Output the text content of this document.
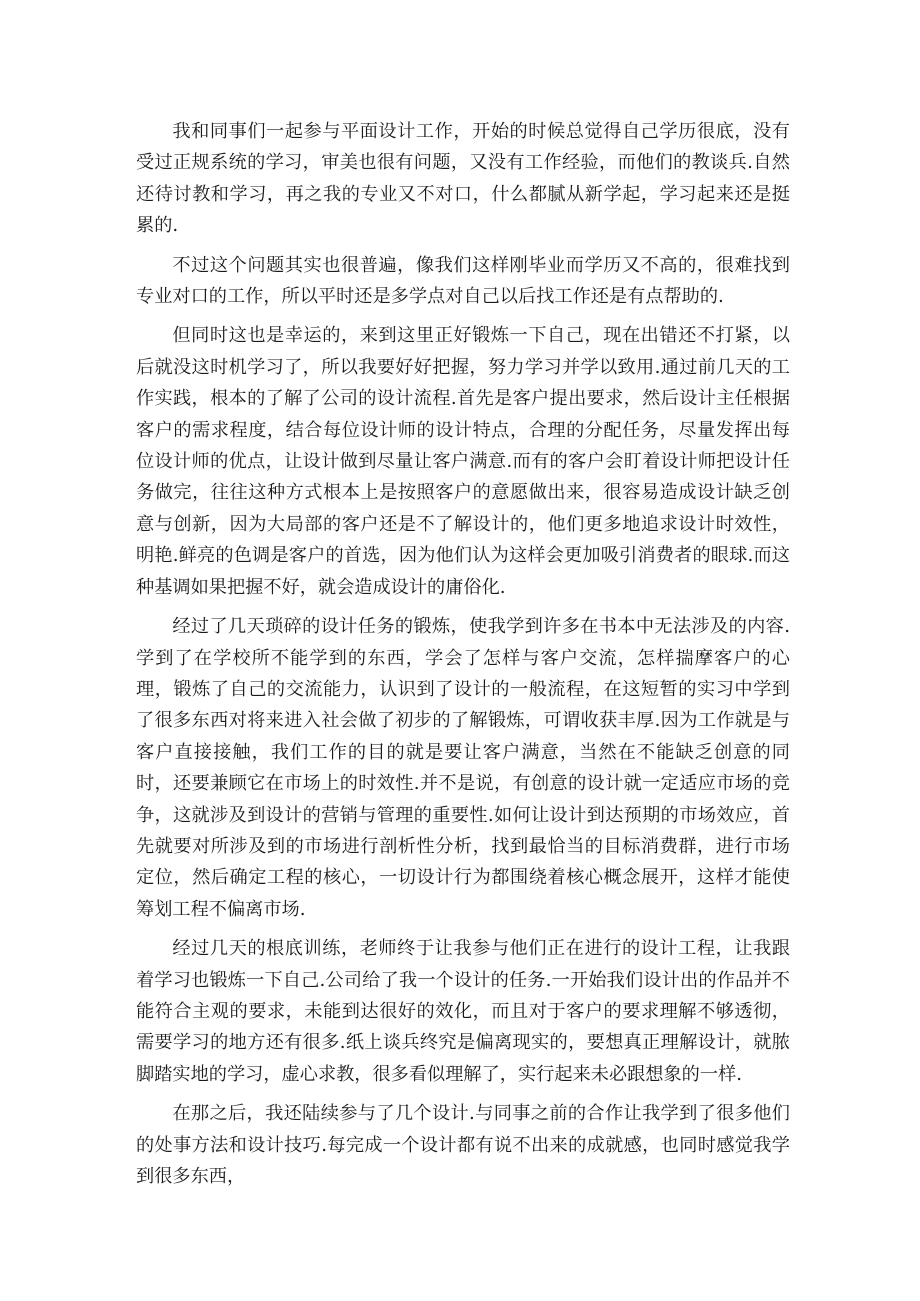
我和同事们一起参与平面设计工作，开始的时候总觉得自己学历很底，没有受过正规系统的学习，审美也很有问题，又没有工作经验，而他们的教谈兵.自然还待讨教和学习，再之我的专业又不对口，什么都腻从新学起，学习起来还是挺累的.

不过这个问题其实也很普遍，像我们这样刚毕业而学历又不高的，很难找到专业对口的工作，所以平时还是多学点对自己以后找工作还是有点帮助的.

但同时这也是幸运的，来到这里正好锻炼一下自己，现在出错还不打紧，以后就没这时机学习了，所以我要好好把握，努力学习并学以致用.通过前几天的工作实践，根本的了解了公司的设计流程.首先是客户提出要求，然后设计主任根据客户的需求程度，结合每位设计师的设计特点，合理的分配任务，尽量发挥出每位设计师的优点，让设计做到尽量让客户满意.而有的客户会盯着设计师把设计任务做完，往往这种方式根本上是按照客户的意愿做出来，很容易造成设计缺乏创意与创新，因为大局部的客户还是不了解设计的，他们更多地追求设计时效性，明艳.鲜亮的色调是客户的首选，因为他们认为这样会更加吸引消费者的眼球.而这种基调如果把握不好，就会造成设计的庸俗化.

经过了几天琐碎的设计任务的锻炼，使我学到许多在书本中无法涉及的内容.学到了在学校所不能学到的东西，学会了怎样与客户交流，怎样揣摩客户的心理，锻炼了自己的交流能力，认识到了设计的一般流程，在这短暂的实习中学到了很多东西对将来进入社会做了初步的了解锻炼，可谓收获丰厚.因为工作就是与客户直接接触，我们工作的目的就是要让客户满意，当然在不能缺乏创意的同时，还要兼顾它在市场上的时效性.并不是说，有创意的设计就一定适应市场的竞争，这就涉及到设计的营销与管理的重要性.如何让设计到达预期的市场效应，首先就要对所涉及到的市场进行剖析性分析，找到最恰当的目标消费群，进行市场定位，然后确定工程的核心，一切设计行为都围绕着核心概念展开，这样才能使筹划工程不偏离市场.

经过几天的根底训练，老师终于让我参与他们正在进行的设计工程，让我跟着学习也锻炼一下自己.公司给了我一个设计的任务.一开始我们设计出的作品并不能符合主观的要求，未能到达很好的效化，而且对于客户的要求理解不够透彻，需要学习的地方还有很多.纸上谈兵终究是偏离现实的，要想真正理解设计，就脓脚踏实地的学习，虚心求教，很多看似理解了，实行起来未必跟想象的一样.

在那之后，我还陆续参与了几个设计.与同事之前的合作让我学到了很多他们的处事方法和设计技巧.每完成一个设计都有说不出来的成就感，也同时感觉我学到很多东西，
